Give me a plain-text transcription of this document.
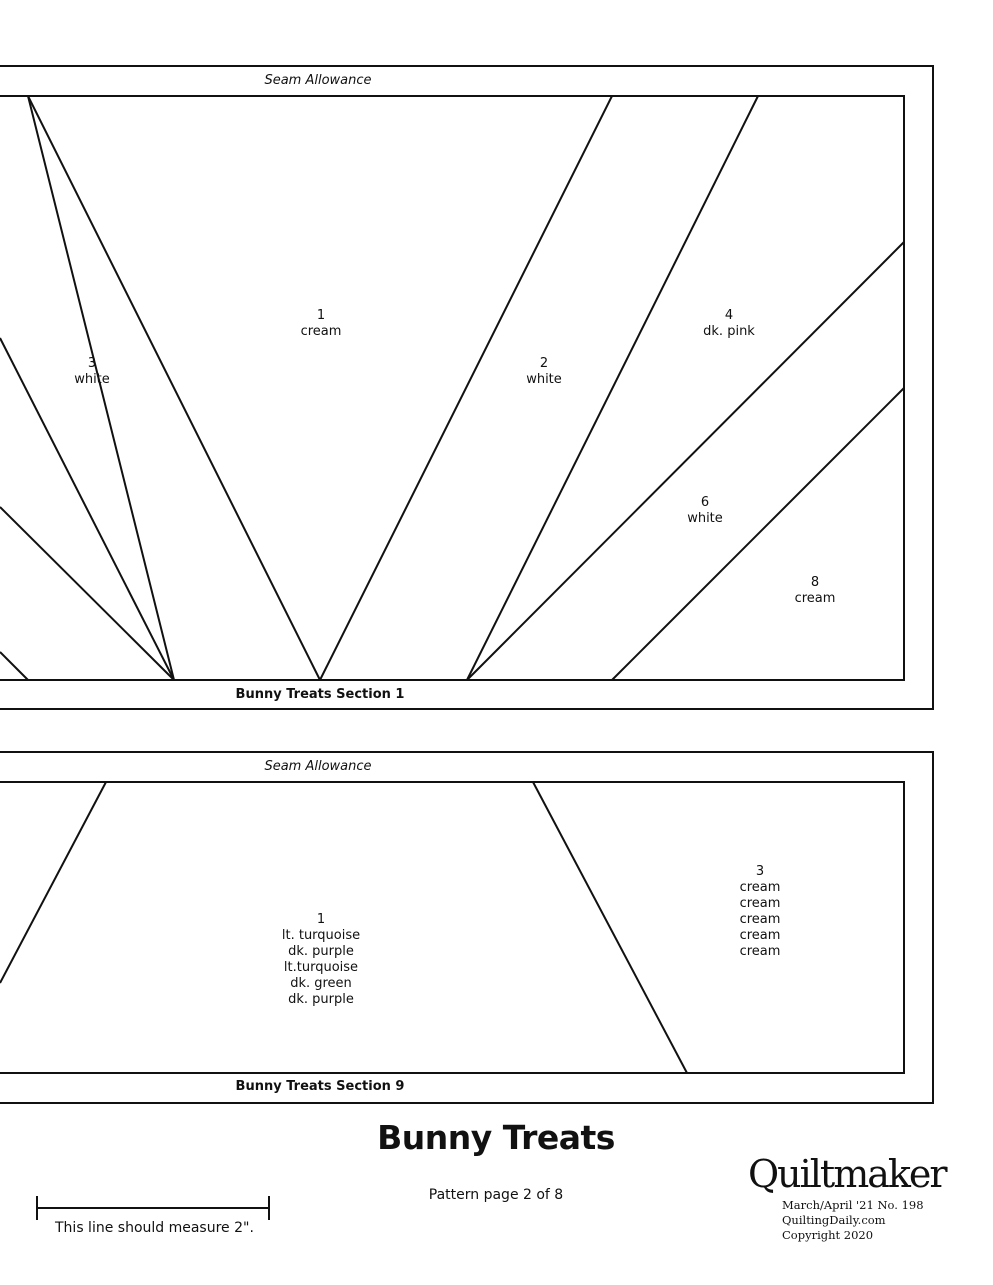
Seam Allowance
1
cream
2
white
3
white
4
dk. pink
6
white
8
cream
Bunny Treats Section 1
Seam Allowance
1
lt. turquoise
dk. purple
lt.turquoise
dk. green
dk. purple
3
cream
cream
cream
cream
cream
Bunny Treats Section 9
Bunny Treats
Pattern page 2 of 8
This line should measure 2".
Quiltmaker
March/April '21 No. 198
QuiltingDaily.com
Copyright 2020
